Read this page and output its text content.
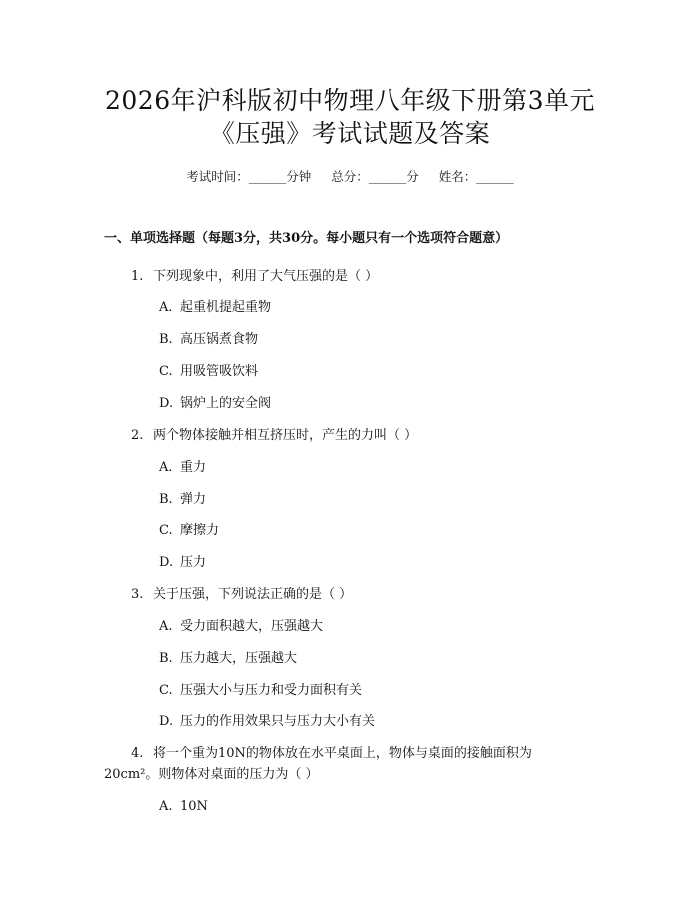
2026年沪科版初中物理八年级下册第3单元
《压强》考试试题及答案
考试时间：______分钟 总分：______分 姓名：______
一、单项选择题（每题3分，共30分。每小题只有一个选项符合题意）
1. 下列现象中，利用了大气压强的是（ ）
A. 起重机提起重物
B. 高压锅煮食物
C. 用吸管吸饮料
D. 锅炉上的安全阀
2. 两个物体接触并相互挤压时，产生的力叫（ ）
A. 重力
B. 弹力
C. 摩擦力
D. 压力
3. 关于压强，下列说法正确的是（ ）
A. 受力面积越大，压强越大
B. 压力越大，压强越大
C. 压强大小与压力和受力面积有关
D. 压力的作用效果只与压力大小有关
4. 将一个重为10N的物体放在水平桌面上，物体与桌面的接触面积为
20cm²。则物体对桌面的压力为（ ）
A. 10N
